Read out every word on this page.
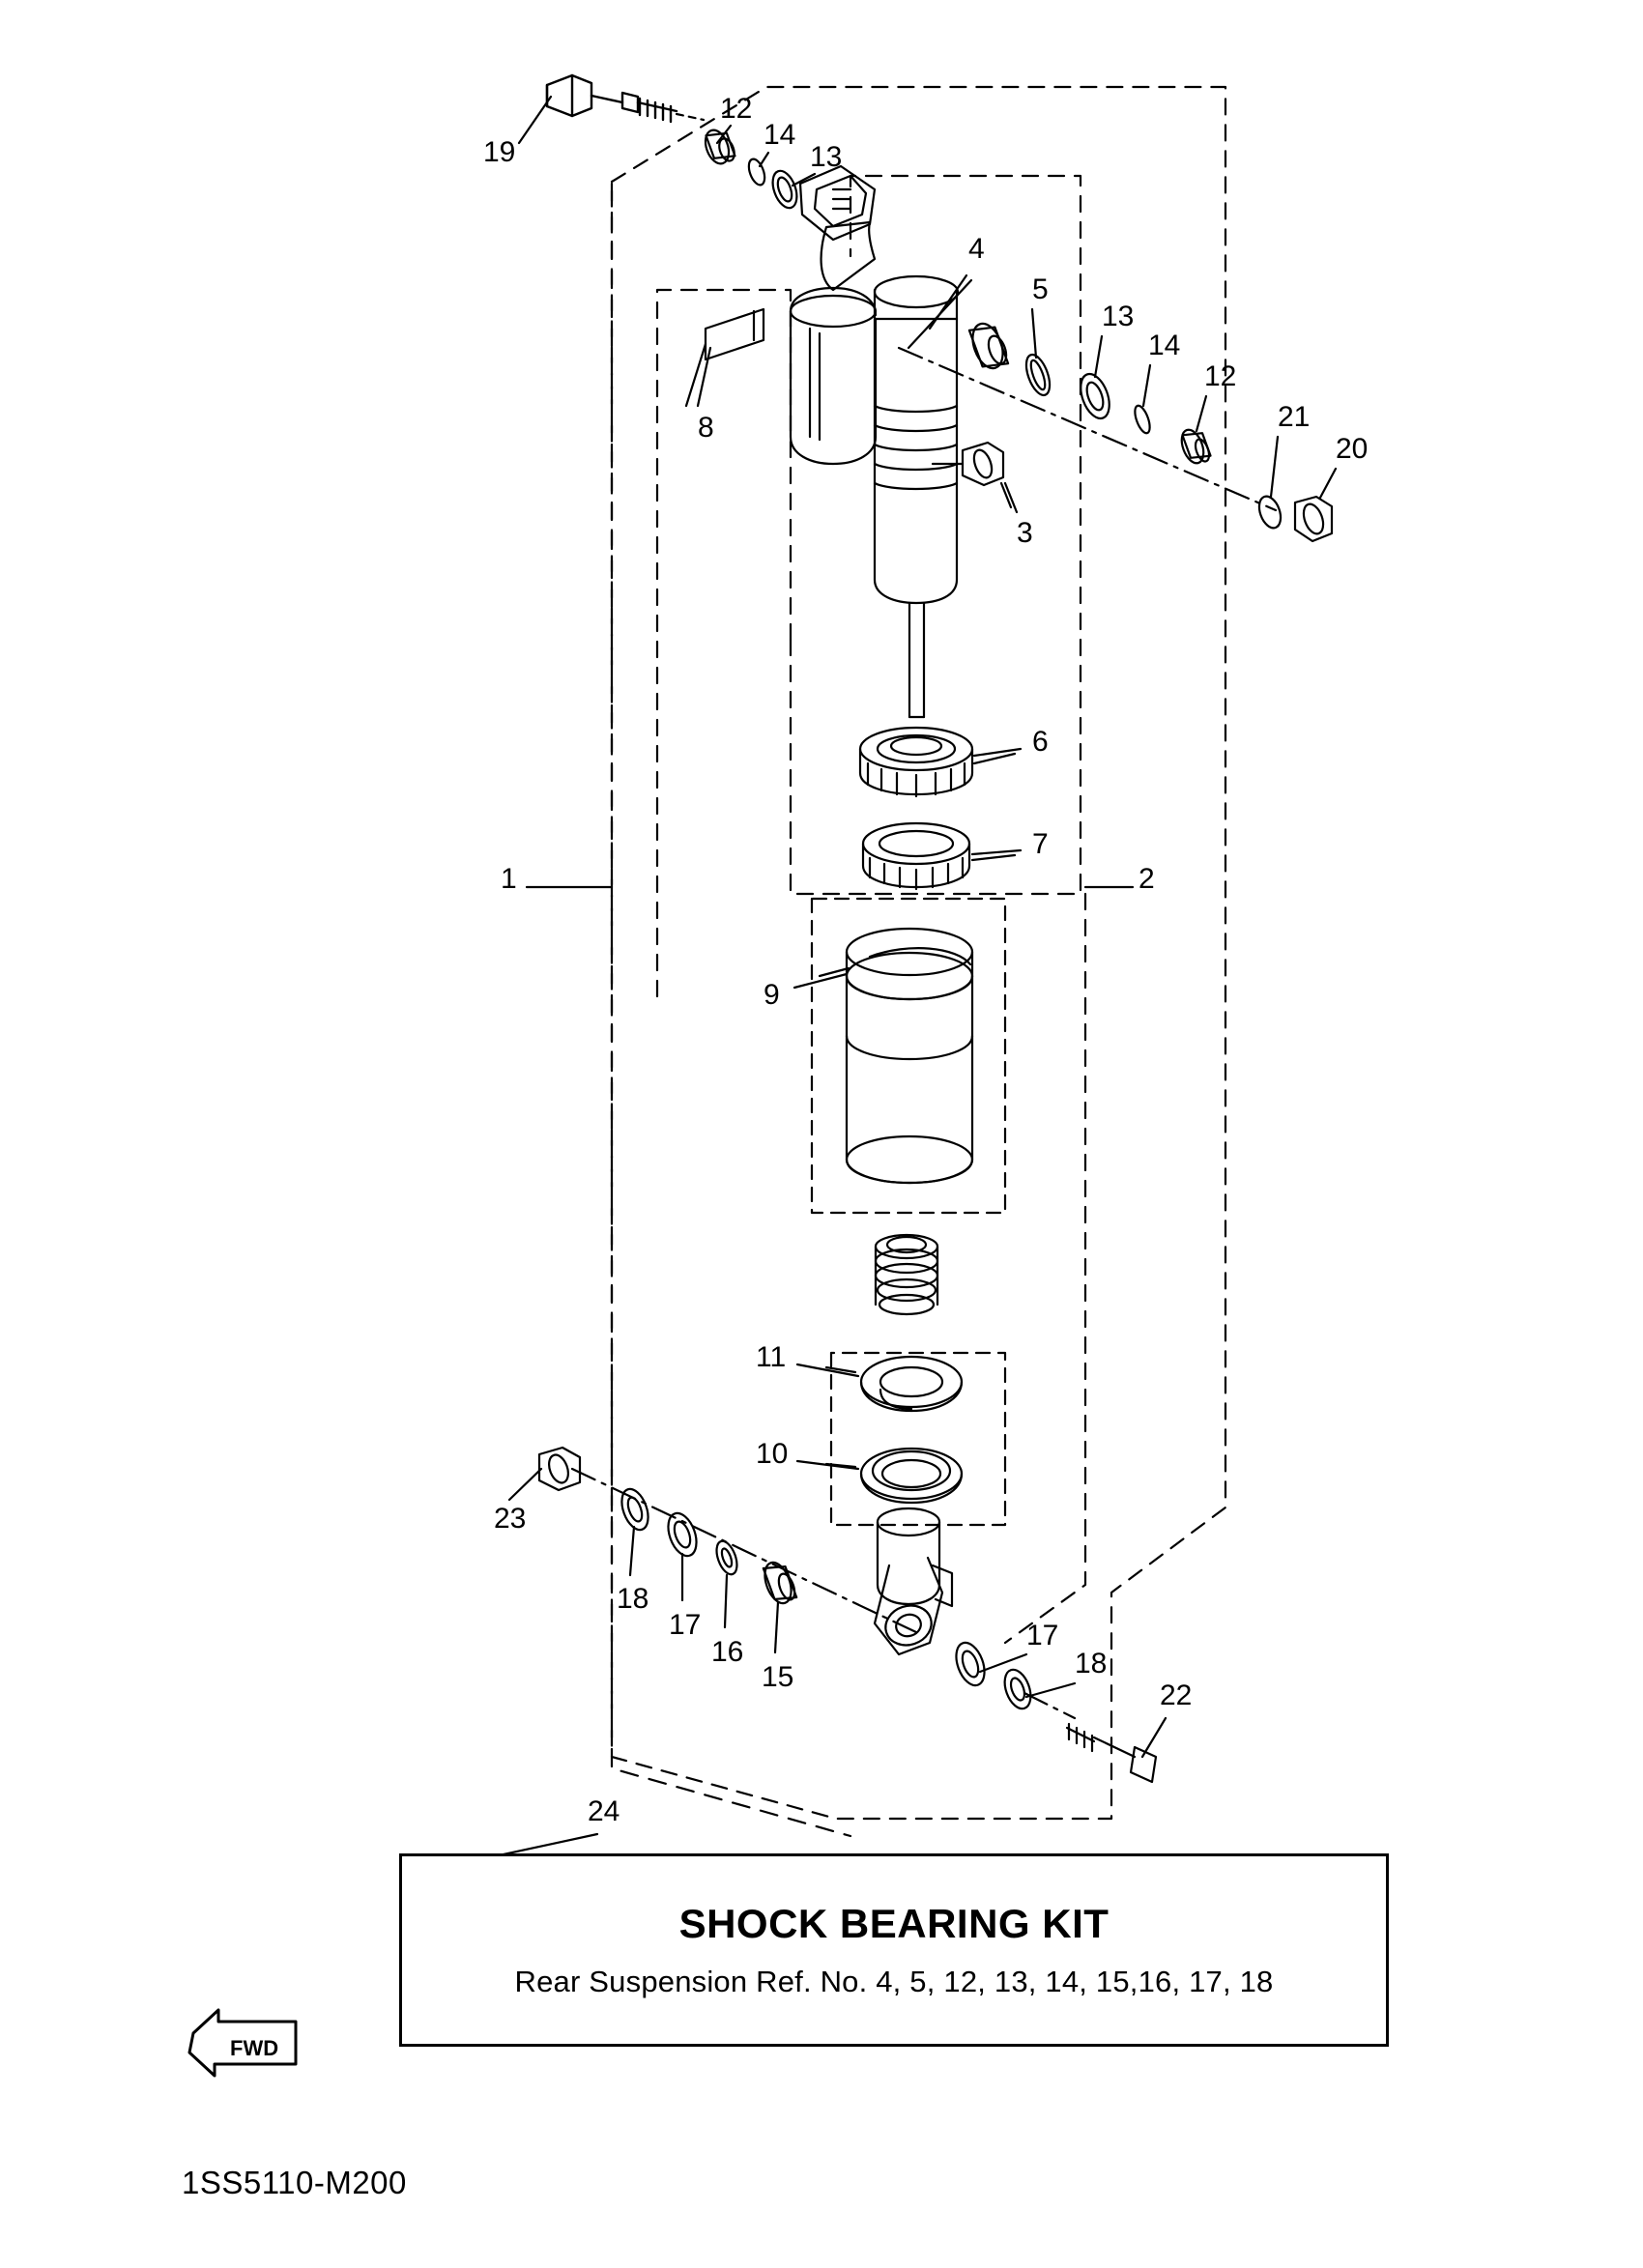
19
12
14
13
4
5
13
14
12
21
20
8
3
6
7
1	2
9
11
10
23
18
17
16
15
17
18
22
24
SHOCK BEARING KIT
Rear Suspension Ref. No. 4, 5, 12, 13, 14, 15,16, 17, 18
FWD
1SS5110-M200
